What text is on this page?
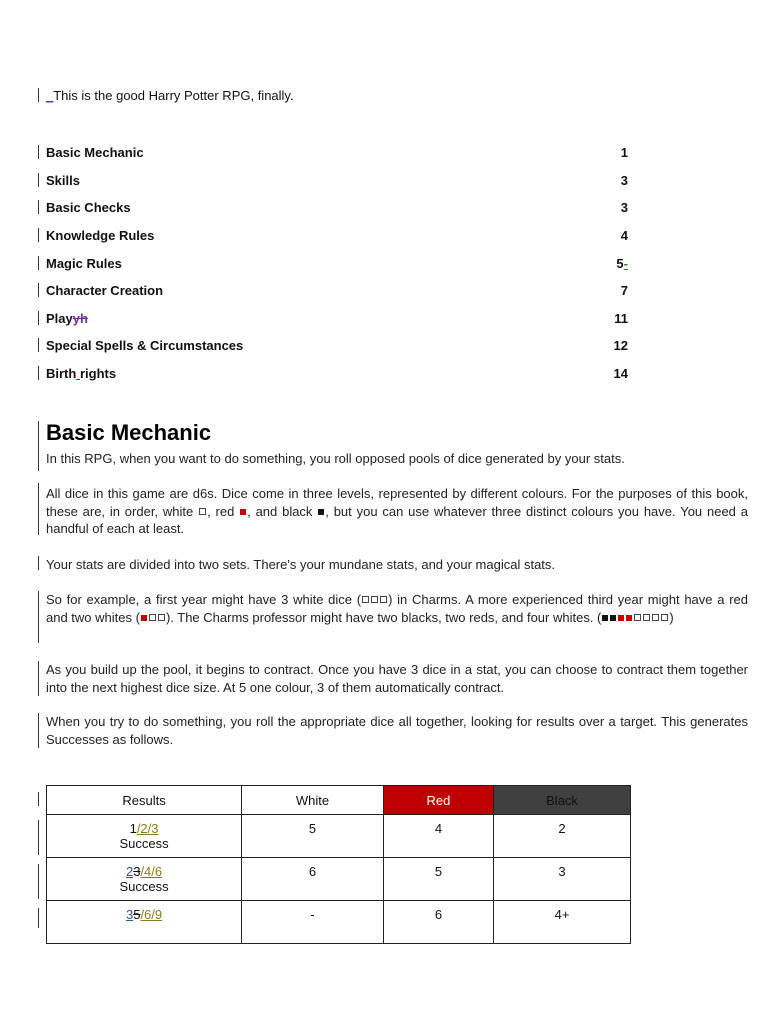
_This is the good Harry Potter RPG, finally.
Basic Mechanic	1
Skills	3
Basic Checks	3
Knowledge Rules	4
Magic Rules	5-
Character Creation	7
Playyh	11
Special Spells & Circumstances	12
Birth rights	14
Basic Mechanic
In this RPG, when you want to do something, you roll opposed pools of dice generated by your stats.
All dice in this game are d6s. Dice come in three levels, represented by different colours. For the purposes of this book, these are, in order, white , red , and black , but you can use whatever three distinct colours you have. You need a handful of each at least.
Your stats are divided into two sets. There's your mundane stats, and your magical stats.
So for example, a first year might have 3 white dice ( ) in Charms. A more experienced third year might have a red and two whites ( ). The Charms professor might have two blacks, two reds, and four whites. (	)
As you build up the pool, it begins to contract. Once you have 3 dice in a stat, you can choose to contract them together into the next highest dice size. At 5 one colour, 3 of them automatically contract.
When you try to do something, you roll the appropriate dice all together, looking for results over a target. This generates Successes as follows.
Results	White	Red	Black
1/2/3
Success	5	4	2
23/4/6
Success	6	5	3
35/6/9	-	6	4+
